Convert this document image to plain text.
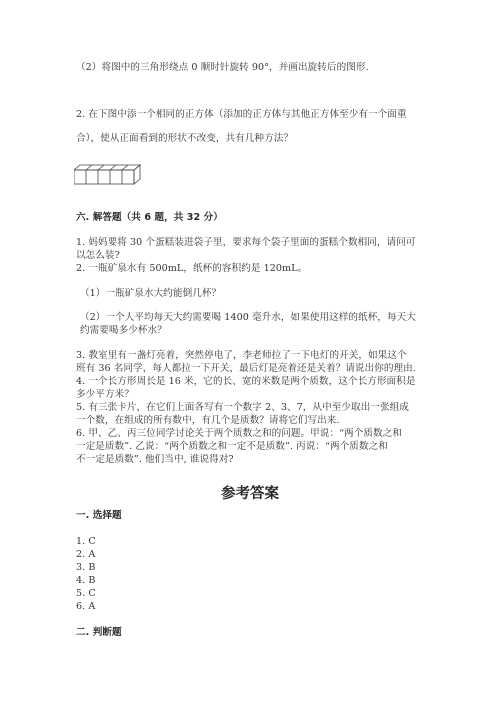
（2）将图中的三角形绕点 0 顺时针旋转 90°，并画出旋转后的图形.
2. 在下图中添一个相同的正方体（添加的正方体与其他正方体至少有一个面重
合），使从正面看到的形状不改变，共有几种方法？
六. 解答题（共 6 题，共 32 分）
1. 妈妈要将 30 个蛋糕装进袋子里，要求每个袋子里面的蛋糕个数相同，请问可
以怎么装?
2. 一瓶矿泉水有 500mL，纸杯的容积约是 120mL。
（1）一瓶矿泉水大约能倒几杯？
（2）一个人平均每天大约需要喝 1400 毫升水，如果使用这样的纸杯，每天大
约需要喝多少杯水？
3. 教室里有一盏灯亮着，突然停电了，李老师拉了一下电灯的开关，如果这个
班有 36 名同学，每人都拉一下开关，最后灯是亮着还是关着？请说出你的理由.
4. 一个长方形周长是 16 米，它的长、宽的米数是两个质数，这个长方形面积是
多少平方米？
5. 有三张卡片，在它们上面各写有一个数字 2、3、7，从中至少取出一张组成
一个数，在组成的所有数中，有几个是质数？请将它们写出来.
6. 甲、乙、丙三位同学讨论关于两个质数之和的问题。甲说：“两个质数之和
一定是质数”. 乙说：“两个质数之和一定不是质数”. 丙说：“两个质数之和
不一定是质数”. 他们当中, 谁说得对?
参考答案
一. 选择题
1. C
2. A
3. B
4. B
5. C
6. A
二. 判断题
